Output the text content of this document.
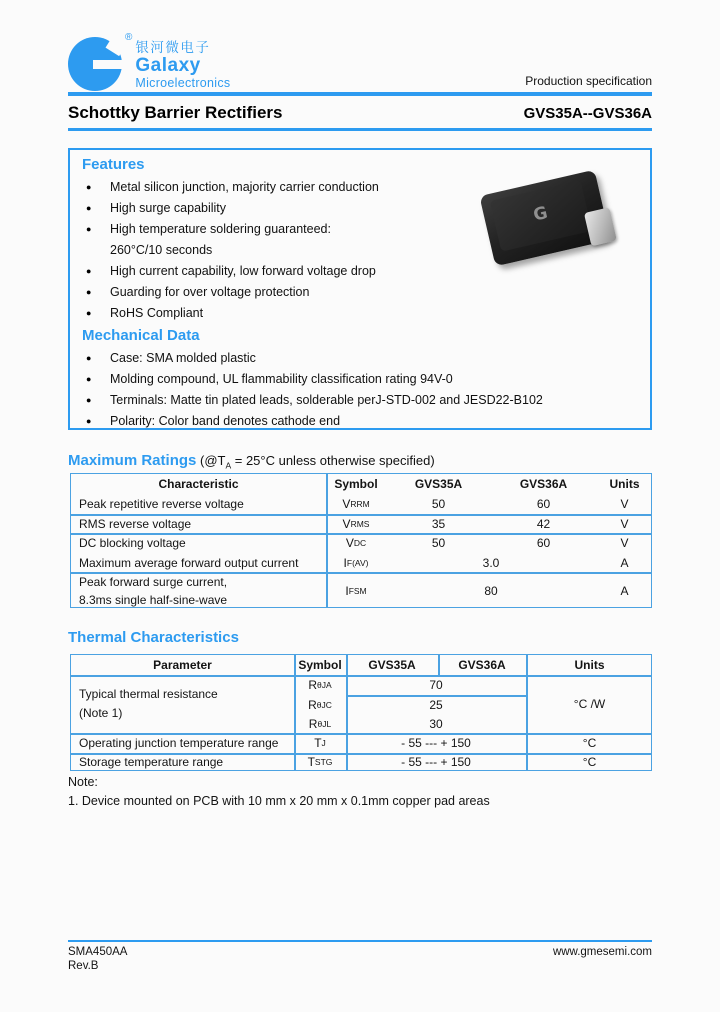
®
银河微电子
Galaxy
Microelectronics	Production specification
Schottky Barrier Rectifiers	GVS35A--GVS36A
Features
● Metal silicon junction, majority carrier conduction
● High surge capability
● High temperature soldering guaranteed:
260°C/10 seconds
● High current capability, low forward voltage drop
● Guarding for over voltage protection
● RoHS Compliant
Mechanical Data
● Case: SMA molded plastic
● Molding compound, UL flammability classification rating 94V-0
● Terminals: Matte tin plated leads, solderable perJ-STD-002 and JESD22-B102
● Polarity: Color band denotes cathode end
G
Maximum Ratings ($@T_A = 25^\circ C$ unless otherwise specified)
Characteristic	Symbol	GVS35A	GVS36A	Units
Peak repetitive reverse voltage	V RRM	50	60	V
RMS reverse voltage	V RMS	35	42	V
DC blocking voltage	V DC	50	60	V
Maximum average forward output current	I F(AV)	3.0	A
Peak forward surge current,
8.3ms single half-sine-wave
I FSM	80	A
Thermal Characteristics
Parameter	Symbol	GVS35A	GVS36A	Units
Typical thermal resistance
(Note 1)
R θJA	70
R θJC	25
R θJL	30
°C /W
Operating junction temperature range	T J	- 55 --- + 150	°C
Storage temperature range	T STG	- 55 --- + 150	°C
Note:
1. Device mounted on PCB with 10 mm x 20 mm x 0.1mm copper pad areas
SMA450AA
Rev.B
www.gmesemi.com
